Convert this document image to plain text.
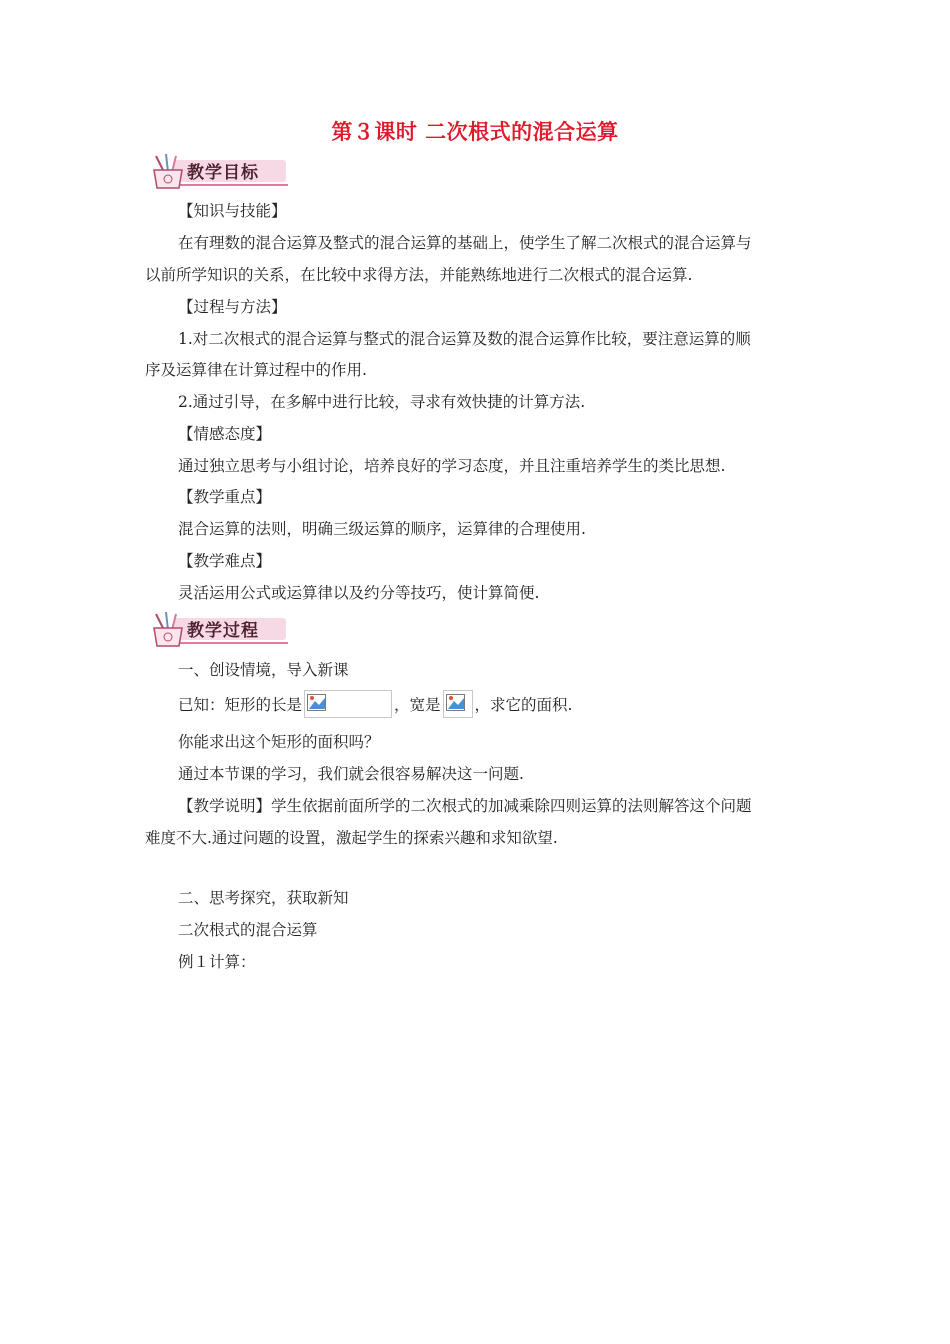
第３课时 二次根式的混合运算
教学目标
【知识与技能】
在有理数的混合运算及整式的混合运算的基础上，使学生了解二次根式的混合运算与
以前所学知识的关系，在比较中求得方法，并能熟练地进行二次根式的混合运算.
【过程与方法】
1.对二次根式的混合运算与整式的混合运算及数的混合运算作比较，要注意运算的顺
序及运算律在计算过程中的作用.
2.通过引导，在多解中进行比较，寻求有效快捷的计算方法.
【情感态度】
通过独立思考与小组讨论，培养良好的学习态度，并且注重培养学生的类比思想.
【教学重点】
混合运算的法则，明确三级运算的顺序，运算律的合理使用.
【教学难点】
灵活运用公式或运算律以及约分等技巧，使计算简便.
教学过程
一、创设情境，导入新课
已知：矩形的长是	，宽是 ，求它的面积.
你能求出这个矩形的面积吗？
通过本节课的学习，我们就会很容易解决这一问题.
【教学说明】学生依据前面所学的二次根式的加减乘除四则运算的法则解答这个问题
难度不大.通过问题的设置，激起学生的探索兴趣和求知欲望.
二、思考探究，获取新知
二次根式的混合运算
例１计算：
